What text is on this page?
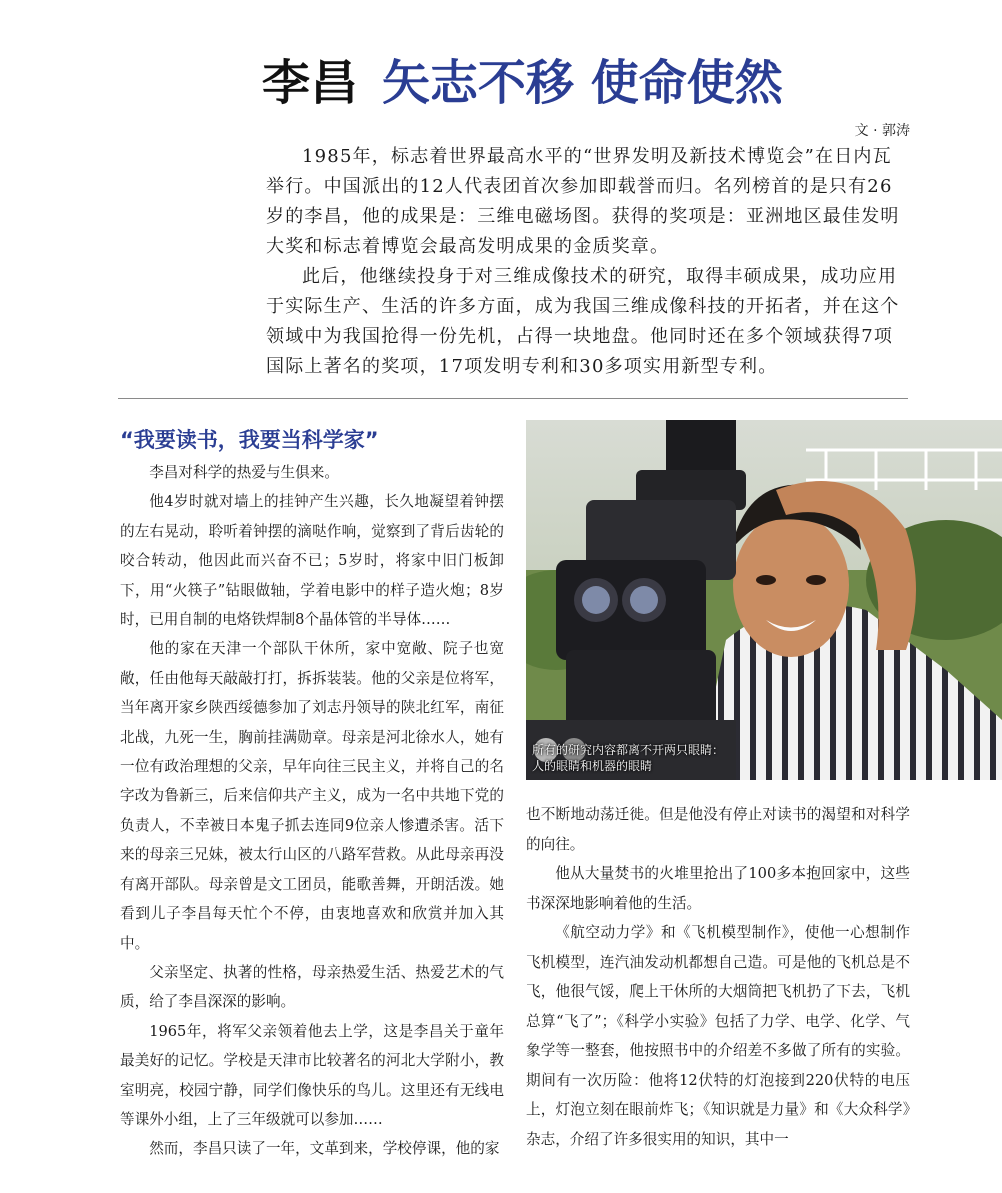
李昌 矢志不移 使命使然
文 · 郭涛

1985年，标志着世界最高水平的“世界发明及新技术博览会”在日内瓦举行。中国派出的12人代表团首次参加即载誉而归。名列榜首的是只有26岁的李昌，他的成果是：三维电磁场图。获得的奖项是：亚洲地区最佳发明大奖和标志着博览会最高发明成果的金质奖章。

此后，他继续投身于对三维成像技术的研究，取得丰硕成果，成功应用于实际生产、生活的许多方面，成为我国三维成像科技的开拓者，并在这个领域中为我国抢得一份先机，占得一块地盘。他同时还在多个领域获得7项国际上著名的奖项，17项发明专利和30多项实用新型专利。

“我要读书，我要当科学家”

李昌对科学的热爱与生俱来。

他4岁时就对墙上的挂钟产生兴趣，长久地凝望着钟摆的左右晃动，聆听着钟摆的滴哒作响，觉察到了背后齿轮的咬合转动，他因此而兴奋不已；5岁时，将家中旧门板卸下，用“火筷子”钻眼做轴，学着电影中的样子造火炮；8岁时，已用自制的电烙铁焊制8个晶体管的半导体……

他的家在天津一个部队干休所，家中宽敞、院子也宽敞，任由他每天敲敲打打，拆拆装装。他的父亲是位将军，当年离开家乡陕西绥德参加了刘志丹领导的陕北红军，南征北战，九死一生，胸前挂满勋章。母亲是河北徐水人，她有一位有政治理想的父亲，早年向往三民主义，并将自己的名字改为鲁新三，后来信仰共产主义，成为一名中共地下党的负责人，不幸被日本鬼子抓去连同9位亲人惨遭杀害。活下来的母亲三兄妹，被太行山区的八路军营救。从此母亲再没有离开部队。母亲曾是文工团员，能歌善舞，开朗活泼。她看到儿子李昌每天忙个不停，由衷地喜欢和欣赏并加入其中。

父亲坚定、执著的性格，母亲热爱生活、热爱艺术的气质，给了李昌深深的影响。

1965年，将军父亲领着他去上学，这是李昌关于童年最美好的记忆。学校是天津市比较著名的河北大学附小，教室明亮，校园宁静，同学们像快乐的鸟儿。这里还有无线电等课外小组，上了三年级就可以参加……

然而，李昌只读了一年，文革到来，学校停课，他的家

所有的研究内容都离不开两只眼睛：
人的眼睛和机器的眼睛

也不断地动荡迁徙。但是他没有停止对读书的渴望和对科学的向往。

他从大量焚书的火堆里抢出了100多本抱回家中，这些书深深地影响着他的生活。

《航空动力学》和《飞机模型制作》，使他一心想制作飞机模型，连汽油发动机都想自己造。可是他的飞机总是不飞，他很气馁，爬上干休所的大烟筒把飞机扔了下去，飞机总算“飞了”；《科学小实验》包括了力学、电学、化学、气象学等一整套，他按照书中的介绍差不多做了所有的实验。期间有一次历险：他将12伏特的灯泡接到220伏特的电压上，灯泡立刻在眼前炸飞；《知识就是力量》和《大众科学》杂志，介绍了许多很实用的知识，其中一
